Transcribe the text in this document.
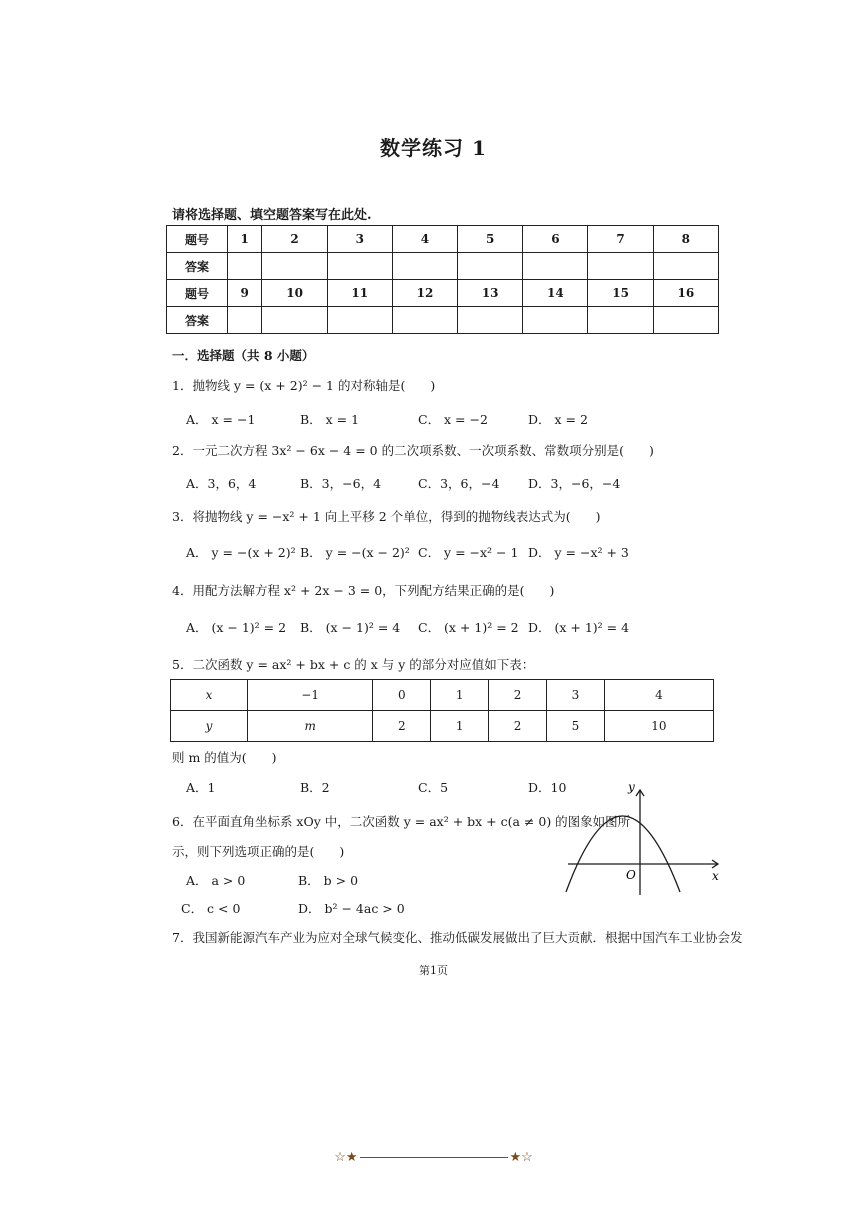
数学练习 1
请将选择题、填空题答案写在此处.
题号	1	2	3	4	5	6	7	8
答案								
题号	9	10	11	12	13	14	15	16
答案								
一．选择题（共 8 小题）
1．抛物线 y = (x + 2)² − 1 的对称轴是(　　)
A． x = −1	B． x = 1	C． x = −2	D． x = 2
2．一元二次方程 3x² − 6x − 4 = 0 的二次项系数、一次项系数、常数项分别是(　　)
A．3，6，4	B．3，−6，4	C．3，6，−4 D．3，−6，−4
3．将抛物线 y = −x² + 1 向上平移 2 个单位，得到的抛物线表达式为(　　)
A． y = −(x + 2)² B． y = −(x − 2)² C． y = −x² − 1 D． y = −x² + 3
4．用配方法解方程 x² + 2x − 3 = 0，下列配方结果正确的是(　　)
A． (x − 1)² = 2 B． (x − 1)² = 4 C． (x + 1)² = 2 D． (x + 1)² = 4
5．二次函数 y = ax² + bx + c 的 x 与 y 的部分对应值如下表：
x	−1	0	1	2	3	4
y	m	2	1	2	5	10
则 m 的值为(　　)
A．1	B．2	C．5	D．10
6．在平面直角坐标系 xOy 中，二次函数 y = ax² + bx + c(a ≠ 0) 的图象如图所
示，则下列选项正确的是(　　)
A． a > 0	B． b > 0
C． c < 0	D． b² − 4ac > 0
y
x
O
7．我国新能源汽车产业为应对全球气候变化、推动低碳发展做出了巨大贡献．根据中国汽车工业协会发
第1页
☆★	★☆
